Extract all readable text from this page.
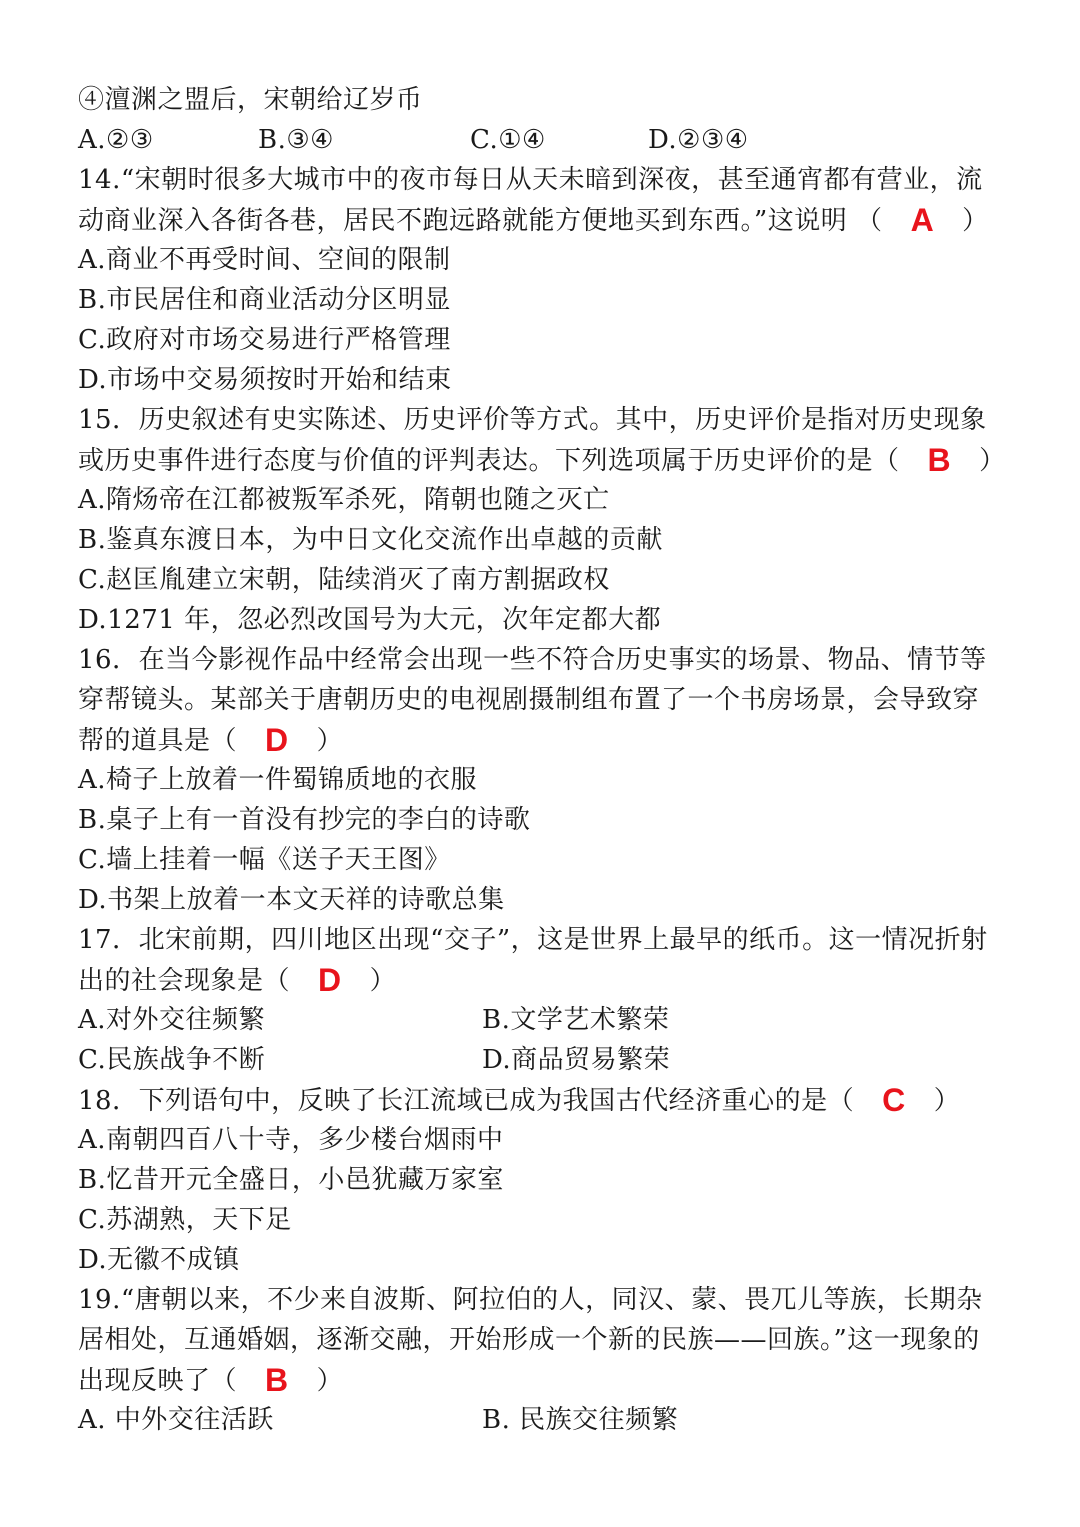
④澶渊之盟后，宋朝给辽岁币
A.②③	B.③④	C.①④	D.②③④
14.“宋朝时很多大城市中的夜市每日从天未暗到深夜，甚至通宵都有营业，流
动商业深入各街各巷，居民不跑远路就能方便地买到东西。”这说明 （ A ）
A.商业不再受时间、空间的限制
B.市民居住和商业活动分区明显
C.政府对市场交易进行严格管理
D.市场中交易须按时开始和结束
15．历史叙述有史实陈述、历史评价等方式。其中，历史评价是指对历史现象
或历史事件进行态度与价值的评判表达。下列选项属于历史评价的是（ B ）
A.隋炀帝在江都被叛军杀死，隋朝也随之灭亡
B.鉴真东渡日本，为中日文化交流作出卓越的贡献
C.赵匡胤建立宋朝，陆续消灭了南方割据政权
D.1271 年，忽必烈改国号为大元，次年定都大都
16．在当今影视作品中经常会出现一些不符合历史事实的场景、物品、情节等
穿帮镜头。某部关于唐朝历史的电视剧摄制组布置了一个书房场景，会导致穿
帮的道具是（ D ）
A.椅子上放着一件蜀锦质地的衣服
B.桌子上有一首没有抄完的李白的诗歌
C.墙上挂着一幅《送子天王图》
D.书架上放着一本文天祥的诗歌总集
17．北宋前期，四川地区出现“交子”，这是世界上最早的纸币。这一情况折射
出的社会现象是（ D ）
A.对外交往频繁	B.文学艺术繁荣
C.民族战争不断	D.商品贸易繁荣
18．下列语句中，反映了长江流域已成为我国古代经济重心的是（ C ）
A.南朝四百八十寺，多少楼台烟雨中
B.忆昔开元全盛日，小邑犹藏万家室
C.苏湖熟，天下足
D.无徽不成镇
19.“唐朝以来，不少来自波斯、阿拉伯的人，同汉、蒙、畏兀儿等族，长期杂
居相处，互通婚姻，逐渐交融，开始形成一个新的民族——回族。”这一现象的
出现反映了（ B ）
A. 中外交往活跃	B. 民族交往频繁
